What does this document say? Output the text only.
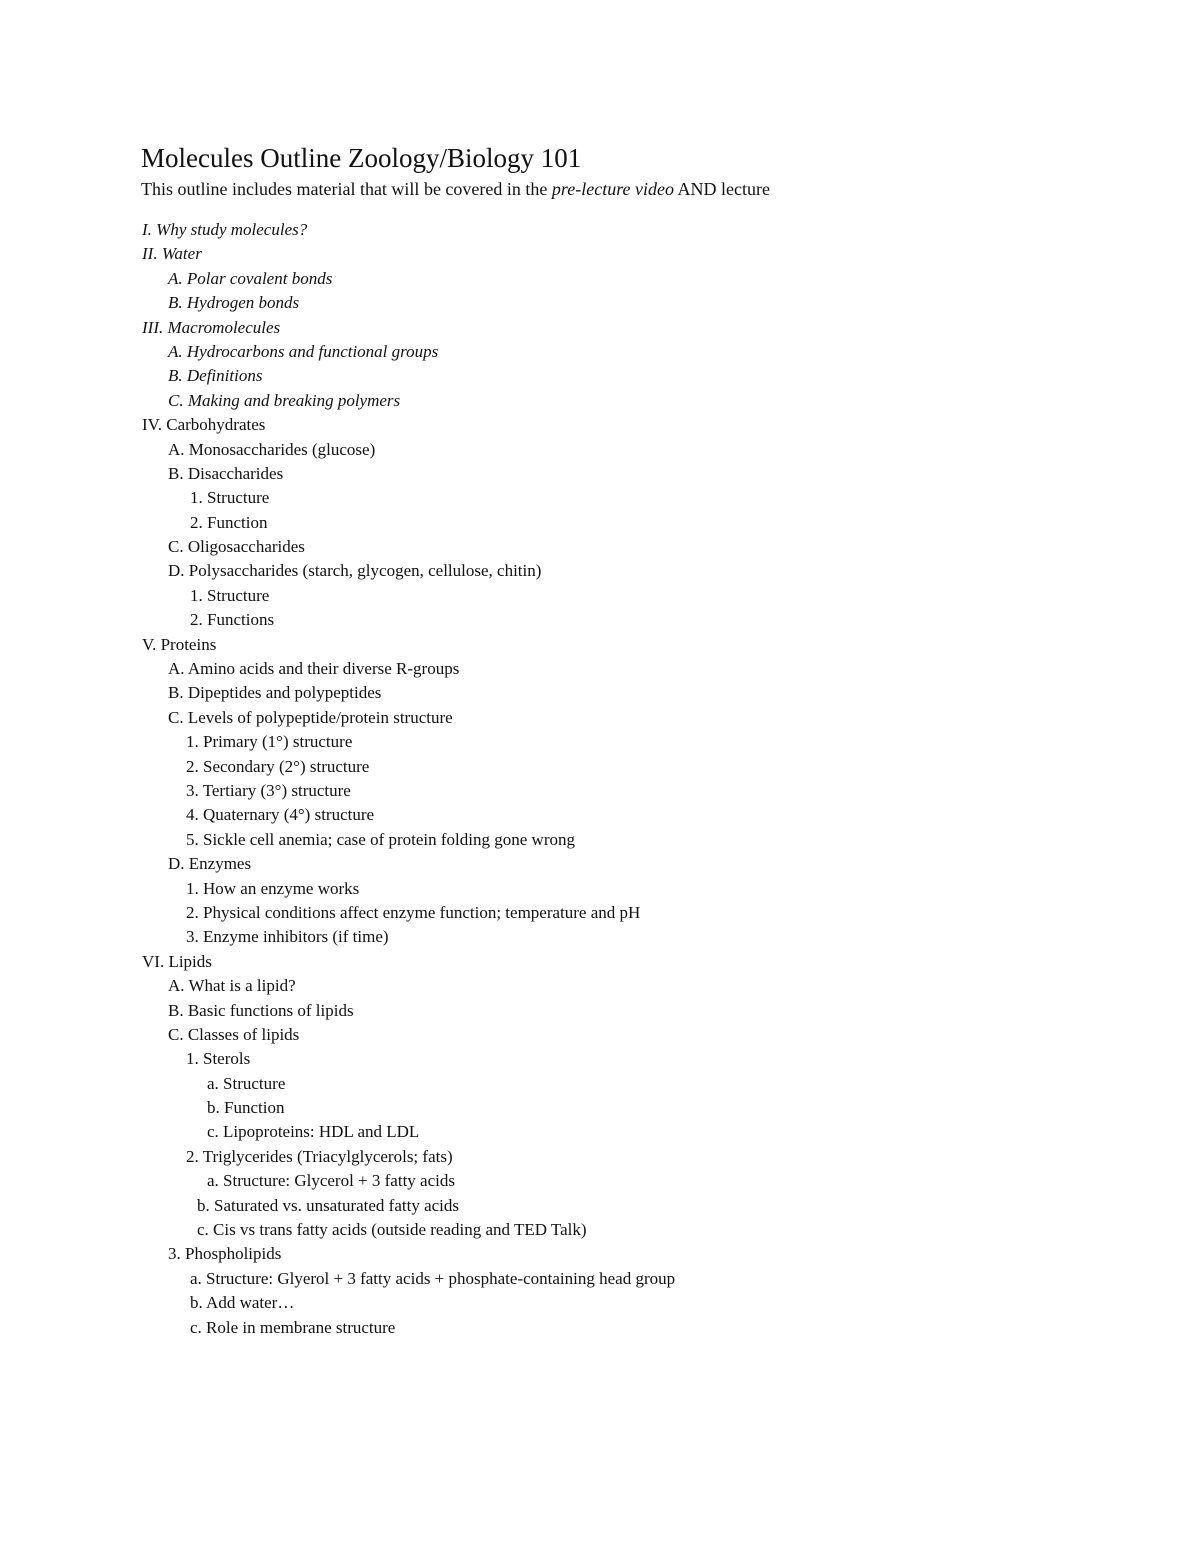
Molecules Outline Zoology/Biology 101
This outline includes material that will be covered in the pre-lecture video AND lecture
I. Why study molecules?
II. Water
A. Polar covalent bonds
B. Hydrogen bonds
III. Macromolecules
A. Hydrocarbons and functional groups
B. Definitions
C. Making and breaking polymers
IV. Carbohydrates
A. Monosaccharides (glucose)
B. Disaccharides
1. Structure
2. Function
C. Oligosaccharides
D. Polysaccharides (starch, glycogen, cellulose, chitin)
1. Structure
2. Functions
V. Proteins
A. Amino acids and their diverse R-groups
B. Dipeptides and polypeptides
C. Levels of polypeptide/protein structure
1. Primary (1°) structure
2. Secondary (2°) structure
3. Tertiary (3°) structure
4. Quaternary (4°) structure
5. Sickle cell anemia; case of protein folding gone wrong
D. Enzymes
1. How an enzyme works
2. Physical conditions affect enzyme function; temperature and pH
3. Enzyme inhibitors (if time)
VI. Lipids
A. What is a lipid?
B. Basic functions of lipids
C. Classes of lipids
1. Sterols
a. Structure
b. Function
c. Lipoproteins: HDL and LDL
2. Triglycerides (Triacylglycerols; fats)
a. Structure: Glycerol + 3 fatty acids
b. Saturated vs. unsaturated fatty acids
c. Cis vs trans fatty acids (outside reading and TED Talk)
3. Phospholipids
a. Structure: Glyerol + 3 fatty acids + phosphate-containing head group
b. Add water…
c. Role in membrane structure
